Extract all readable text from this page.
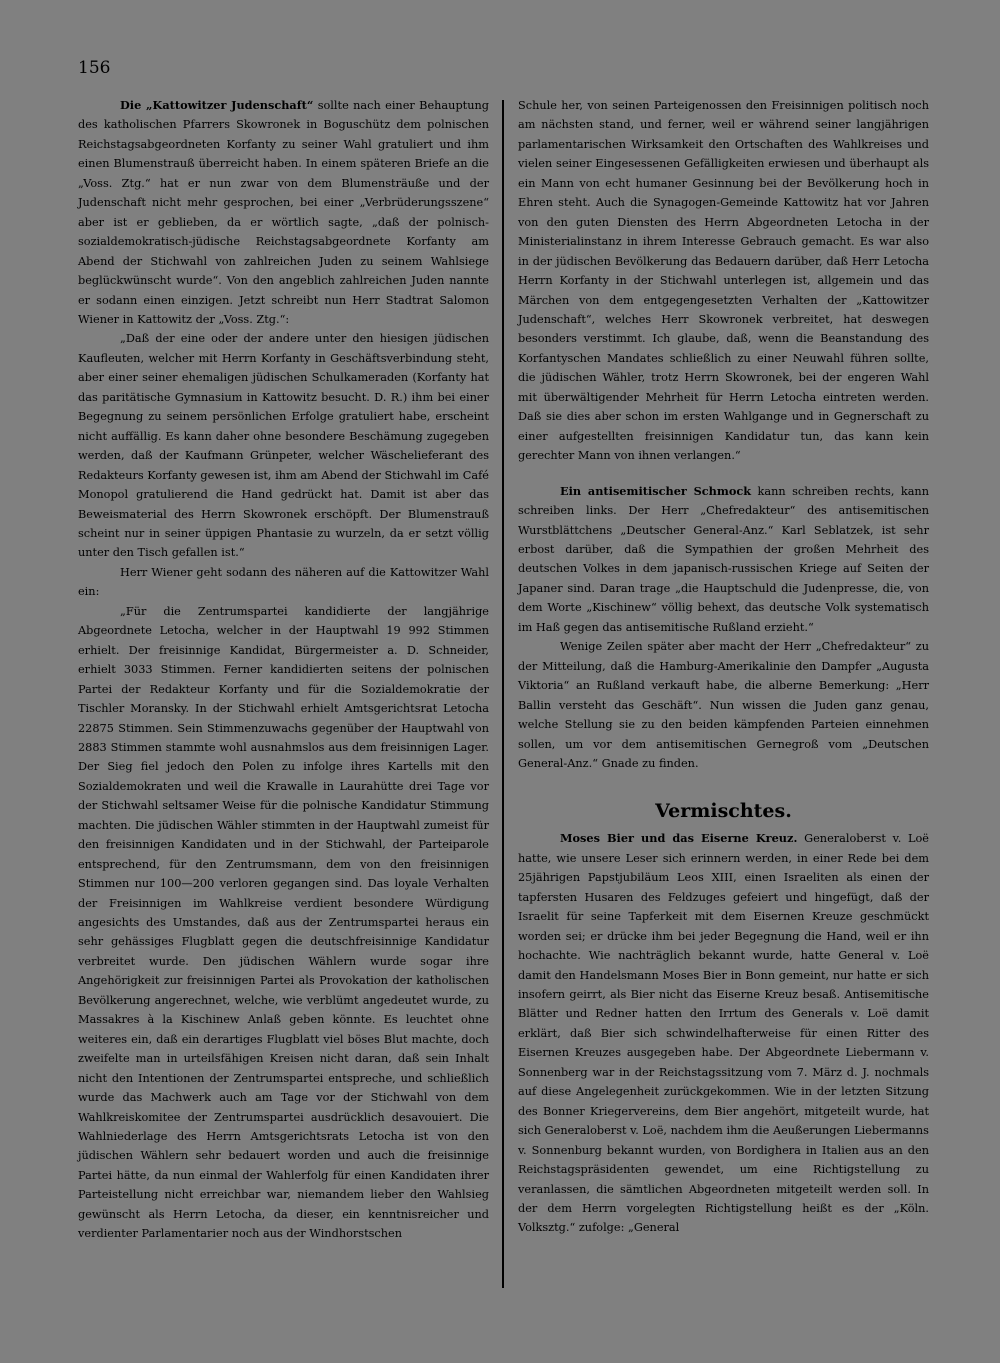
156

Die „Kattowitzer Judenschaft“ sollte nach einer Behauptung des katholischen Pfarrers Skowronek in Boguschütz dem polnischen Reichstagsabgeordneten Korfanty zu seiner Wahl gratuliert und ihm einen Blumenstrauß überreicht haben. In einem späteren Briefe an die „Voss. Ztg.“ hat er nun zwar von dem Blumensträuße und der Judenschaft nicht mehr gesprochen, bei einer „Verbrüderungsszene“ aber ist er geblieben, da er wörtlich sagte, „daß der polnisch-sozialdemokratisch-jüdische Reichstagsabgeordnete Korfanty am Abend der Stichwahl von zahlreichen Juden zu seinem Wahlsiege beglückwünscht wurde“. Von den angeblich zahlreichen Juden nannte er sodann einen einzigen. Jetzt schreibt nun Herr Stadtrat Salomon Wiener in Kattowitz der „Voss. Ztg.“:

„Daß der eine oder der andere unter den hiesigen jüdischen Kaufleuten, welcher mit Herrn Korfanty in Geschäftsverbindung steht, aber einer seiner ehemaligen jüdischen Schulkameraden (Korfanty hat das paritätische Gymnasium in Kattowitz besucht. D. R.) ihm bei einer Begegnung zu seinem persönlichen Erfolge gratuliert habe, erscheint nicht auffällig. Es kann daher ohne besondere Beschämung zugegeben werden, daß der Kaufmann Grünpeter, welcher Wäschelieferant des Redakteurs Korfanty gewesen ist, ihm am Abend der Stichwahl im Café Monopol gratulierend die Hand gedrückt hat. Damit ist aber das Beweismaterial des Herrn Skowronek erschöpft. Der Blumenstrauß scheint nur in seiner üppigen Phantasie zu wurzeln, da er setzt völlig unter den Tisch gefallen ist.“

Herr Wiener geht sodann des näheren auf die Kattowitzer Wahl ein:

„Für die Zentrumspartei kandidierte der langjährige Abgeordnete Letocha, welcher in der Hauptwahl 19 992 Stimmen erhielt. Der freisinnige Kandidat, Bürgermeister a. D. Schneider, erhielt 3033 Stimmen. Ferner kandidierten seitens der polnischen Partei der Redakteur Korfanty und für die Sozialdemokratie der Tischler Moransky. In der Stichwahl erhielt Amtsgerichtsrat Letocha 22875 Stimmen. Sein Stimmenzuwachs gegenüber der Hauptwahl von 2883 Stimmen stammte wohl ausnahmslos aus dem freisinnigen Lager. Der Sieg fiel jedoch den Polen zu infolge ihres Kartells mit den Sozialdemokraten und weil die Krawalle in Laurahütte drei Tage vor der Stichwahl seltsamer Weise für die polnische Kandidatur Stimmung machten. Die jüdischen Wähler stimmten in der Hauptwahl zumeist für den freisinnigen Kandidaten und in der Stichwahl, der Parteiparole entsprechend, für den Zentrumsmann, dem von den freisinnigen Stimmen nur 100—200 verloren gegangen sind. Das loyale Verhalten der Freisinnigen im Wahlkreise verdient besondere Würdigung angesichts des Umstandes, daß aus der Zentrumspartei heraus ein sehr gehässiges Flugblatt gegen die deutschfreisinnige Kandidatur verbreitet wurde. Den jüdischen Wählern wurde sogar ihre Angehörigkeit zur freisinnigen Partei als Provokation der katholischen Bevölkerung angerechnet, welche, wie verblümt angedeutet wurde, zu Massakres à la Kischinew Anlaß geben könnte. Es leuchtet ohne weiteres ein, daß ein derartiges Flugblatt viel böses Blut machte, doch zweifelte man in urteilsfähigen Kreisen nicht daran, daß sein Inhalt nicht den Intentionen der Zentrumspartei entspreche, und schließlich wurde das Machwerk auch am Tage vor der Stichwahl von dem Wahlkreiskomitee der Zentrumspartei ausdrücklich desavouiert. Die Wahlniederlage des Herrn Amtsgerichtsrats Letocha ist von den jüdischen Wählern sehr bedauert worden und auch die freisinnige Partei hätte, da nun einmal der Wahlerfolg für einen Kandidaten ihrer Parteistellung nicht erreichbar war, niemandem lieber den Wahlsieg gewünscht als Herrn Letocha, da dieser, ein kenntnisreicher und verdienter Parlamentarier noch aus der Windhorstschen

Schule her, von seinen Parteigenossen den Freisinnigen politisch noch am nächsten stand, und ferner, weil er während seiner langjährigen parlamentarischen Wirksamkeit den Ortschaften des Wahlkreises und vielen seiner Eingesessenen Gefälligkeiten erwiesen und überhaupt als ein Mann von echt humaner Gesinnung bei der Bevölkerung hoch in Ehren steht. Auch die Synagogen-Gemeinde Kattowitz hat vor Jahren von den guten Diensten des Herrn Abgeordneten Letocha in der Ministerialinstanz in ihrem Interesse Gebrauch gemacht. Es war also in der jüdischen Bevölkerung das Bedauern darüber, daß Herr Letocha Herrn Korfanty in der Stichwahl unterlegen ist, allgemein und das Märchen von dem entgegengesetzten Verhalten der „Kattowitzer Judenschaft“, welches Herr Skowronek verbreitet, hat deswegen besonders verstimmt. Ich glaube, daß, wenn die Beanstandung des Korfantyschen Mandates schließlich zu einer Neuwahl führen sollte, die jüdischen Wähler, trotz Herrn Skowronek, bei der engeren Wahl mit überwältigender Mehrheit für Herrn Letocha eintreten werden. Daß sie dies aber schon im ersten Wahlgange und in Gegnerschaft zu einer aufgestellten freisinnigen Kandidatur tun, das kann kein gerechter Mann von ihnen verlangen.“

Ein antisemitischer Schmock kann schreiben rechts, kann schreiben links. Der Herr „Chefredakteur“ des antisemitischen Wurstblättchens „Deutscher General-Anz.“ Karl Seblatzek, ist sehr erbost darüber, daß die Sympathien der großen Mehrheit des deutschen Volkes in dem japanisch-russischen Kriege auf Seiten der Japaner sind. Daran trage „die Hauptschuld die Judenpresse, die, von dem Worte „Kischinew“ völlig behext, das deutsche Volk systematisch im Haß gegen das antisemitische Rußland erzieht.“

Wenige Zeilen später aber macht der Herr „Chefredakteur“ zu der Mitteilung, daß die Hamburg-Amerikalinie den Dampfer „Augusta Viktoria“ an Rußland verkauft habe, die alberne Bemerkung: „Herr Ballin versteht das Geschäft“. Nun wissen die Juden ganz genau, welche Stellung sie zu den beiden kämpfenden Parteien einnehmen sollen, um vor dem antisemitischen Gernegroß vom „Deutschen General-Anz.“ Gnade zu finden.

Vermischtes.

Moses Bier und das Eiserne Kreuz. Generaloberst v. Loë hatte, wie unsere Leser sich erinnern werden, in einer Rede bei dem 25jährigen Papstjubiläum Leos XIII, einen Israeliten als einen der tapfersten Husaren des Feldzuges gefeiert und hingefügt, daß der Israelit für seine Tapferkeit mit dem Eisernen Kreuze geschmückt worden sei; er drücke ihm bei jeder Begegnung die Hand, weil er ihn hochachte. Wie nachträglich bekannt wurde, hatte General v. Loë damit den Handelsmann Moses Bier in Bonn gemeint, nur hatte er sich insofern geirrt, als Bier nicht das Eiserne Kreuz besaß. Antisemitische Blätter und Redner hatten den Irrtum des Generals v. Loë damit erklärt, daß Bier sich schwindelhafterweise für einen Ritter des Eisernen Kreuzes ausgegeben habe. Der Abgeordnete Liebermann v. Sonnenberg war in der Reichstagssitzung vom 7. März d. J. nochmals auf diese Angelegenheit zurückgekommen. Wie in der letzten Sitzung des Bonner Kriegervereins, dem Bier angehört, mitgeteilt wurde, hat sich Generaloberst v. Loë, nachdem ihm die Aeußerungen Liebermanns v. Sonnenburg bekannt wurden, von Bordighera in Italien aus an den Reichstagspräsidenten gewendet, um eine Richtigstellung zu veranlassen, die sämtlichen Abgeordneten mitgeteilt werden soll. In der dem Herrn vorgelegten Richtigstellung heißt es der „Köln. Volksztg.“ zufolge: „General
